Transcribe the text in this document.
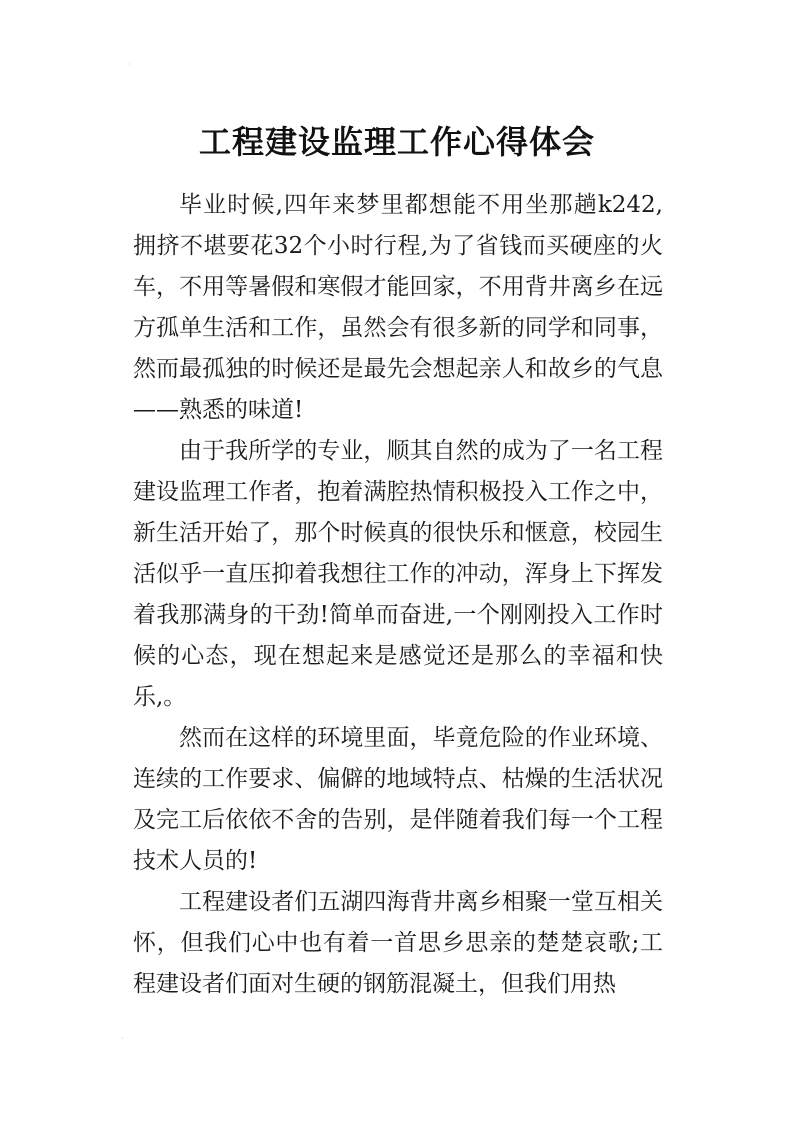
·
工程建设监理工作心得体会

毕业时候,四年来梦里都想能不用坐那趟k242,拥挤不堪要花32个小时行程,为了省钱而买硬座的火车，不用等暑假和寒假才能回家，不用背井离乡在远方孤单生活和工作，虽然会有很多新的同学和同事，然而最孤独的时候还是最先会想起亲人和故乡的气息——熟悉的味道!

由于我所学的专业，顺其自然的成为了一名工程建设监理工作者，抱着满腔热情积极投入工作之中，新生活开始了，那个时候真的很快乐和惬意，校园生活似乎一直压抑着我想往工作的冲动，浑身上下挥发着我那满身的干劲!简单而奋进,一个刚刚投入工作时候的心态，现在想起来是感觉还是那么的幸福和快乐,。

然而在这样的环境里面，毕竟危险的作业环境、连续的工作要求、偏僻的地域特点、枯燥的生活状况及完工后依依不舍的告别，是伴随着我们每一个工程技术人员的!

工程建设者们五湖四海背井离乡相聚一堂互相关怀，但我们心中也有着一首思乡思亲的楚楚哀歌;工程建设者们面对生硬的钢筋混凝土，但我们用热

ˏ
